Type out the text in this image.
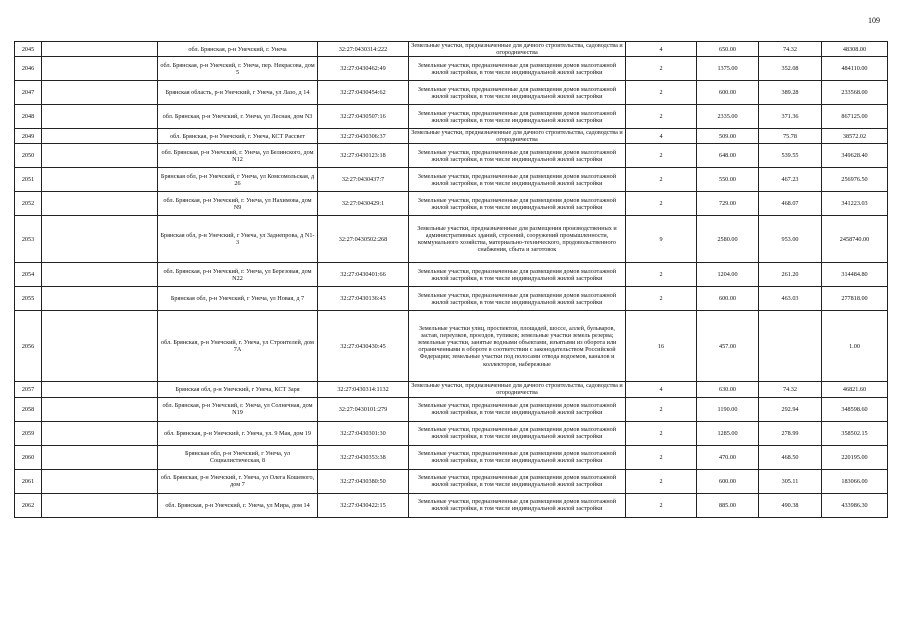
109
2045		обл. Брянская, р-н Унечский, г. Унеча	32:27:0430314:222	Земельные участки, предназначенные для дачного строительства, садоводства и огородничества	4	650.00	74.32	48308.00
2046		обл. Брянская, р-н Унечский, г. Унеча, пер. Некрасова, дом 5	32:27:0430462:49	Земельные участки, предназначенные для размещения домов малоэтажной жилой застройки, в том числе индивидуальной жилой застройки	2	1375.00	352.08	484110.00
2047		Брянская область, р-н Унечский, г Унеча, ул Лазо, д 14	32:27:0430454:62	Земельные участки, предназначенные для размещения домов малоэтажной жилой застройки, в том числе индивидуальной жилой застройки	2	600.00	389.28	233568.00
2048		обл. Брянская, р-н Унечский, г. Унеча, ул Лесная, дом N3	32:27:0430507:16	Земельные участки, предназначенные для размещения домов малоэтажной жилой застройки, в том числе индивидуальной жилой застройки	2	2335.00	371.36	867125.00
2049		обл. Брянская, р-н Унечский, г. Унеча, КСТ Рассвет	32:27:0430306:37	Земельные участки, предназначенные для дачного строительства, садоводства и огородничества	4	509.00	75.78	38572.02
2050		обл. Брянская, р-н Унечский, г. Унеча, ул Белинского, дом N12	32:27:0430123:18	Земельные участки, предназначенные для размещения домов малоэтажной жилой застройки, в том числе индивидуальной жилой застройки	2	648.00	539.55	349628.40
2051		Брянская обл, р-н Унечский, г Унеча, ул Комсомольская, д 26	32:27:0430437:7	Земельные участки, предназначенные для размещения домов малоэтажной жилой застройки, в том числе индивидуальной жилой застройки	2	550.00	467.23	256976.50
2052		обл. Брянская, р-н Унечский, г. Унеча, ул Нахимова, дом N9	32:27:0430429:1	Земельные участки, предназначенные для размещения домов малоэтажной жилой застройки, в том числе индивидуальной жилой застройки	2	729.00	468.07	341223.03
2053		Брянская обл, р-н Унечский, г Унеча, ул Заднепрова, д N1-3	32:27:0430502:268	Земельные участки, предназначенные для размещения производственных и административных зданий, строений, сооружений промышленности, коммунального хозяйства, материально-технического, продовольственного снабжения, сбыта и заготовок	9	2580.00	953.00	2458740.00
2054		обл. Брянская, р-н Унечский, г. Унеча, ул Березовая, дом N22	32:27:0430401:66	Земельные участки, предназначенные для размещения домов малоэтажной жилой застройки, в том числе индивидуальной жилой застройки	2	1204.00	261.20	314484.80
2055		Брянская обл, р-н Унечский, г Унеча, ул Новая, д 7	32:27:0430136:43	Земельные участки, предназначенные для размещения домов малоэтажной жилой застройки, в том числе индивидуальной жилой застройки	2	600.00	463.03	277818.00
2056		обл. Брянская, р-н Унечский, г. Унеча, ул Строителей, дом 7А	32:27:0430430:45	Земельные участки улиц, проспектов, площадей, шоссе, аллей, бульваров, застав, переулков, проездов, тупиков; земельные участки земель резерва; земельные участки, занятые водными объектами, изъятыми из оборота или ограниченными в обороте в соответствии с законодательством Российской Федерации; земельные участки под полосами отвода водоемов, каналов и коллекторов, набережные	16	457.00		1.00
2057		Брянская обл, р-н Унечский, г Унеча, КСТ Заря	32:27:0430314:1132	Земельные участки, предназначенные для дачного строительства, садоводства и огородничества	4	630.00	74.32	46821.60
2058		обл. Брянская, р-н Унечский, г. Унеча, ул Солнечная, дом N19	32:27:0430101:279	Земельные участки, предназначенные для размещения домов малоэтажной жилой застройки, в том числе индивидуальной жилой застройки	2	1190.00	292.94	348598.60
2059		обл. Брянская, р-н Унечский, г. Унеча, ул. 9 Мая, дом 19	32:27:0430301:30	Земельные участки, предназначенные для размещения домов малоэтажной жилой застройки, в том числе индивидуальной жилой застройки	2	1285.00	278.99	358502.15
2060		Брянская обл, р-н Унечский, г Унеча, ул Социалистическая, 8	32:27:0430353:38	Земельные участки, предназначенные для размещения домов малоэтажной жилой застройки, в том числе индивидуальной жилой застройки	2	470.00	468.50	220195.00
2061		обл. Брянская, р-н Унечский, г. Унеча, ул Олега Кошевого, дом 7	32:27:0430380:50	Земельные участки, предназначенные для размещения домов малоэтажной жилой застройки, в том числе индивидуальной жилой застройки	2	600.00	305.11	183066.00
2062		обл. Брянская, р-н Унечский, г. Унеча, ул Мира, дом 14	32:27:0430422:15	Земельные участки, предназначенные для размещения домов малоэтажной жилой застройки, в том числе индивидуальной жилой застройки	2	885.00	490.38	433986.30
